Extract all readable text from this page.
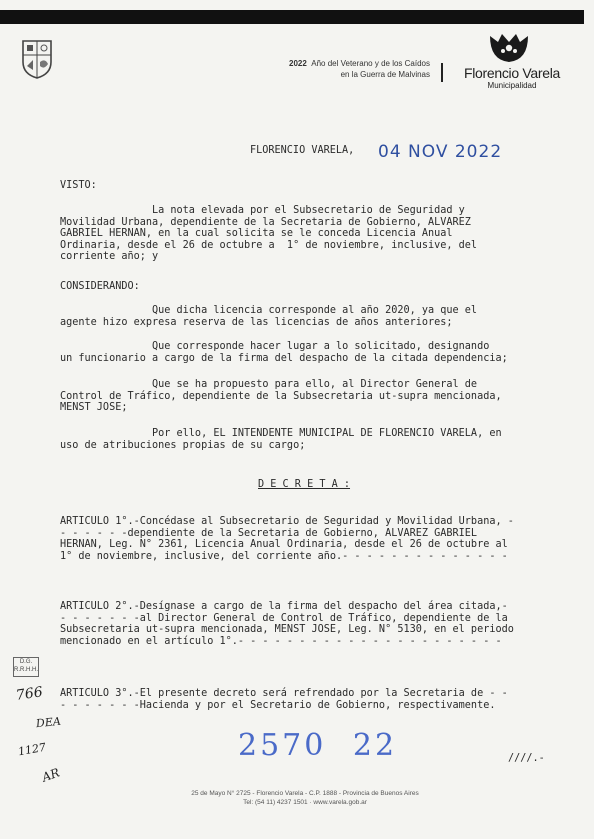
2022 Año del Veterano y de los Caídos
en la Guerra de Malvinas	Florencio Varela
Municipalidad
FLORENCIO VARELA, 04 NOV 2022
VISTO:
La nota elevada por el Subsecretario de Seguridad y
Movilidad Urbana, dependiente de la Secretaria de Gobierno, ALVAREZ
GABRIEL HERNAN, en la cual solicita se le conceda Licencia Anual
Ordinaria, desde el 26 de octubre a  1° de noviembre, inclusive, del
corriente año; y
CONSIDERANDO:
Que dicha licencia corresponde al año 2020, ya que el
agente hizo expresa reserva de las licencias de años anteriores;
Que corresponde hacer lugar a lo solicitado, designando
un funcionario a cargo de la firma del despacho de la citada dependencia;
Que se ha propuesto para ello, al Director General de
Control de Tráfico, dependiente de la Subsecretaria ut-supra mencionada,
MENST JOSE;
Por ello, EL INTENDENTE MUNICIPAL DE FLORENCIO VARELA, en
uso de atribuciones propias de su cargo;
D E C R E T A :
ARTICULO 1°.-Concédase al Subsecretario de Seguridad y Movilidad Urbana, -
- - - - - -dependiente de la Secretaria de Gobierno, ALVAREZ GABRIEL
HERNAN, Leg. N° 2361, Licencia Anual Ordinaria, desde el 26 de octubre al
1° de noviembre, inclusive, del corriente año.- - - - - - - - - - - - - -
ARTICULO 2°.-Desígnase a cargo de la firma del despacho del área citada,-
- - - - - - -al Director General de Control de Tráfico, dependiente de la
Subsecretaria ut-supra mencionada, MENST JOSE, Leg. N° 5130, en el periodo
mencionado en el artículo 1°.- - - - - - - - - - - - - - - - - - - - - -
ARTICULO 3°.-El presente decreto será refrendado por la Secretaria de - -
- - - - - - -Hacienda y por el Secretario de Gobierno, respectivamente.
2570 22	////.-
D.G.
R.R.H.H.
766
DEA
1127
AR
25 de Mayo N° 2725 - Florencio Varela - C.P. 1888 - Provincia de Buenos Aires
Tel: (54 11) 4237 1501 · www.varela.gob.ar
